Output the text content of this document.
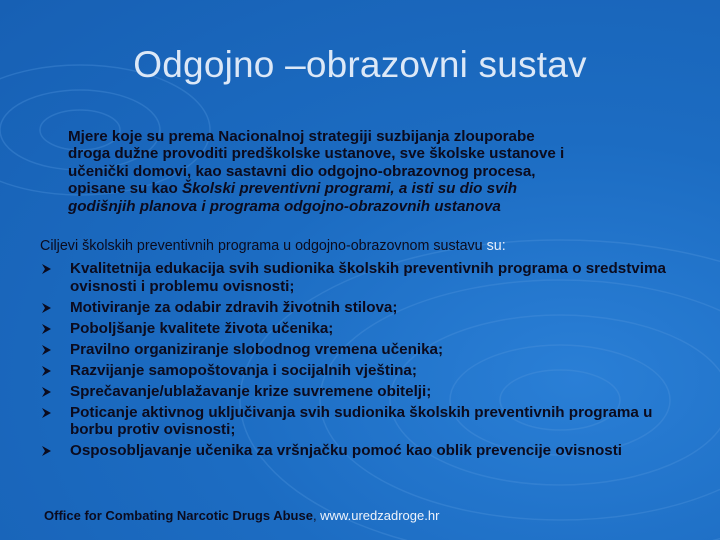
Odgojno –obrazovni sustav
Mjere koje su prema Nacionalnoj strategiji suzbijanja zlouporabe
droga dužne provoditi predškolske ustanove, sve školske ustanove i
učenički domovi, kao sastavni dio odgojno-obrazovnog procesa,
opisane su kao Školski preventivni programi, a isti su dio svih
godišnjih planova i programa odgojno-obrazovnih ustanova
Ciljevi školskih preventivnih programa u odgojno-obrazovnom sustavu su:
Kvalitetnija edukacija svih sudionika školskih preventivnih programa o sredstvima ovisnosti i problemu ovisnosti;
Motiviranje za odabir zdravih životnih stilova;
Poboljšanje kvalitete života učenika;
Pravilno organiziranje slobodnog vremena učenika;
Razvijanje samopoštovanja i socijalnih vještina;
Sprečavanje/ublažavanje krize suvremene obitelji;
Poticanje aktivnog uključivanja svih sudionika školskih preventivnih programa u borbu protiv ovisnosti;
Osposobljavanje učenika za vršnjačku pomoć kao oblik prevencije ovisnosti
Office for Combating Narcotic Drugs Abuse, www.uredzadroge.hr
